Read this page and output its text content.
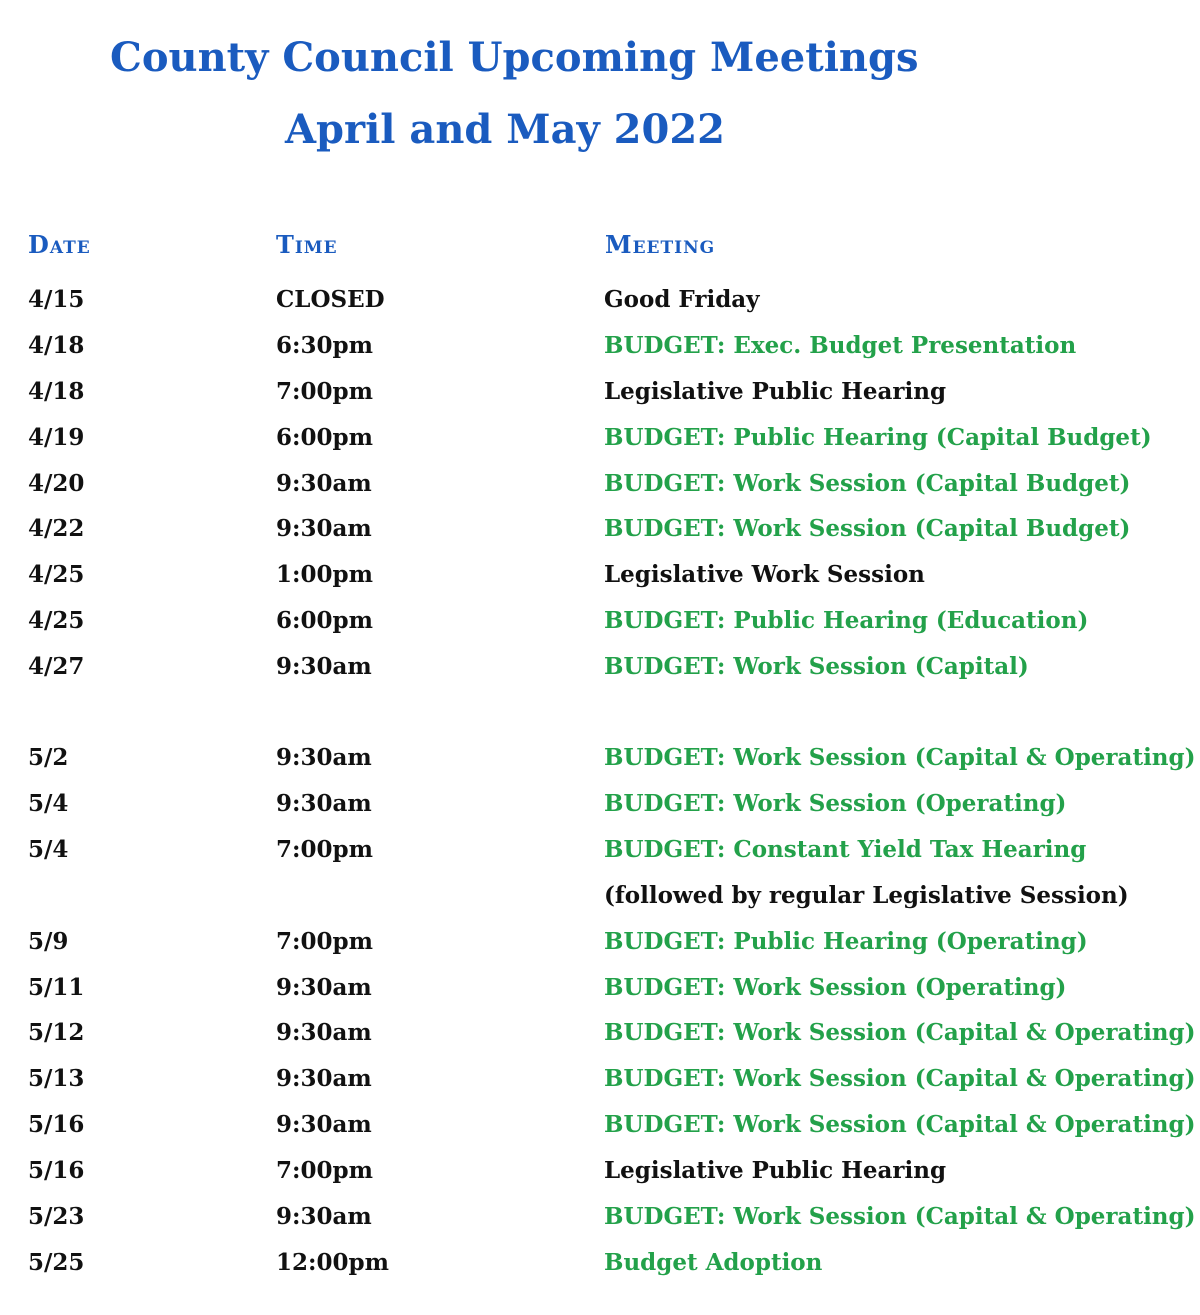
County Council Upcoming Meetings
April and May 2022
Date	Time	Meeting
4/15	CLOSED	Good Friday
4/18	6:30pm	BUDGET: Exec. Budget Presentation
4/18	7:00pm	Legislative Public Hearing
4/19	6:00pm	BUDGET: Public Hearing (Capital Budget)
4/20	9:30am	BUDGET: Work Session (Capital Budget)
4/22	9:30am	BUDGET: Work Session (Capital Budget)
4/25	1:00pm	Legislative Work Session
4/25	6:00pm	BUDGET: Public Hearing (Education)
4/27	9:30am	BUDGET: Work Session (Capital)
5/2	9:30am	BUDGET: Work Session (Capital & Operating)
5/4	9:30am	BUDGET: Work Session (Operating)
5/4	7:00pm	BUDGET: Constant Yield Tax Hearing
(followed by regular Legislative Session)
5/9	7:00pm	BUDGET: Public Hearing (Operating)
5/11	9:30am	BUDGET: Work Session (Operating)
5/12	9:30am	BUDGET: Work Session (Capital & Operating)
5/13	9:30am	BUDGET: Work Session (Capital & Operating)
5/16	9:30am	BUDGET: Work Session (Capital & Operating)
5/16	7:00pm	Legislative Public Hearing
5/23	9:30am	BUDGET: Work Session (Capital & Operating)
5/25	12:00pm	Budget Adoption
